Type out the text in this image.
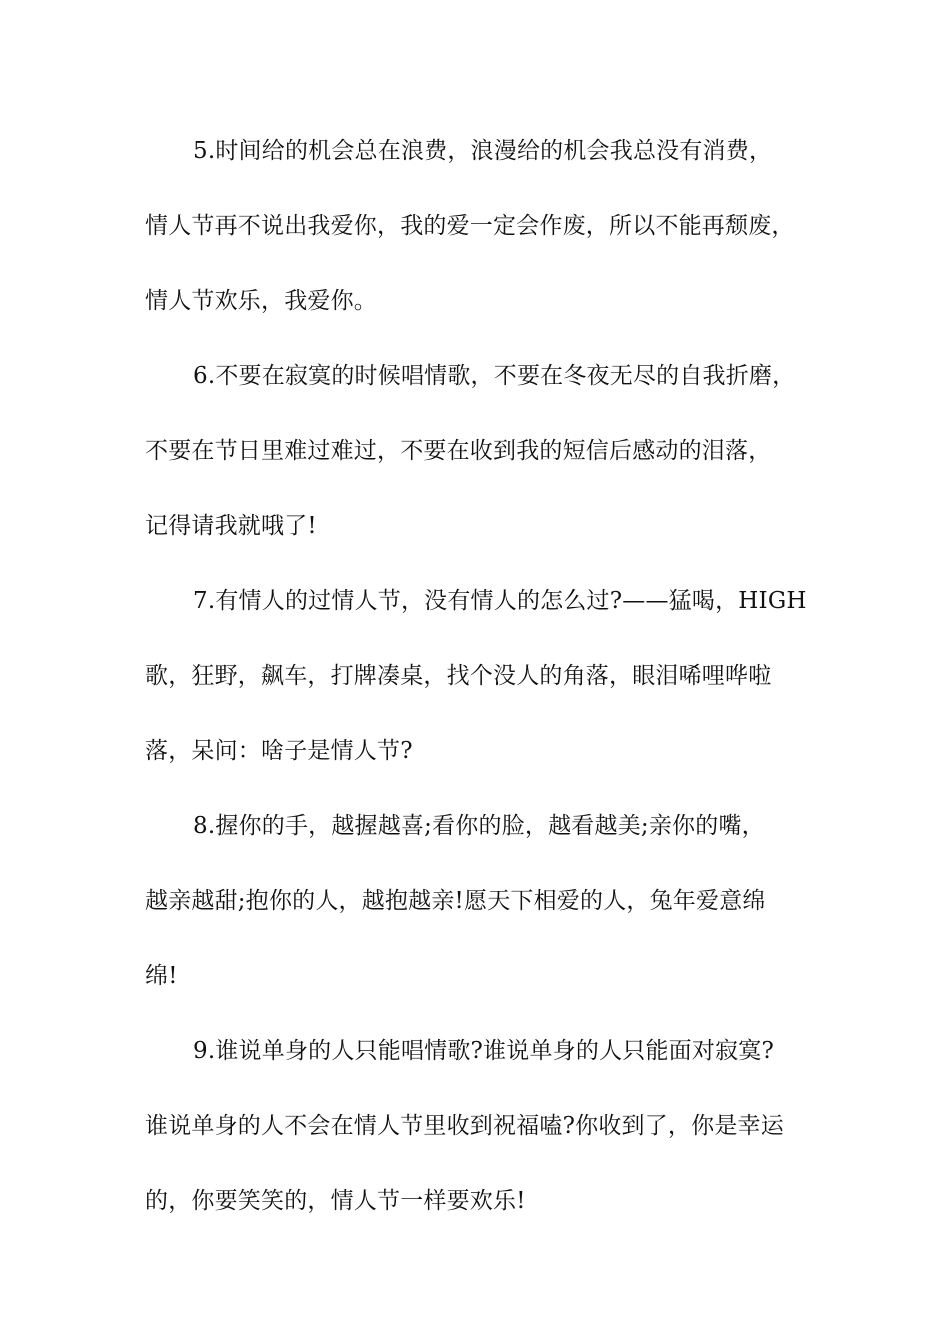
5.时间给的机会总在浪费，浪漫给的机会我总没有消费，
情人节再不说出我爱你，我的爱一定会作废，所以不能再颓废，
情人节欢乐，我爱你。
6.不要在寂寞的时候唱情歌，不要在冬夜无尽的自我折磨，
不要在节日里难过难过，不要在收到我的短信后感动的泪落，
记得请我就哦了!
7.有情人的过情人节，没有情人的怎么过?——猛喝，HIGH
歌，狂野，飙车，打牌凑桌，找个没人的角落，眼泪唏哩哗啦
落，呆问：啥子是情人节?
8.握你的手，越握越喜;看你的脸，越看越美;亲你的嘴，
越亲越甜;抱你的人，越抱越亲!愿天下相爱的人，兔年爱意绵
绵!
9.谁说单身的人只能唱情歌?谁说单身的人只能面对寂寞?
谁说单身的人不会在情人节里收到祝福嗑?你收到了，你是幸运
的，你要笑笑的，情人节一样要欢乐!
